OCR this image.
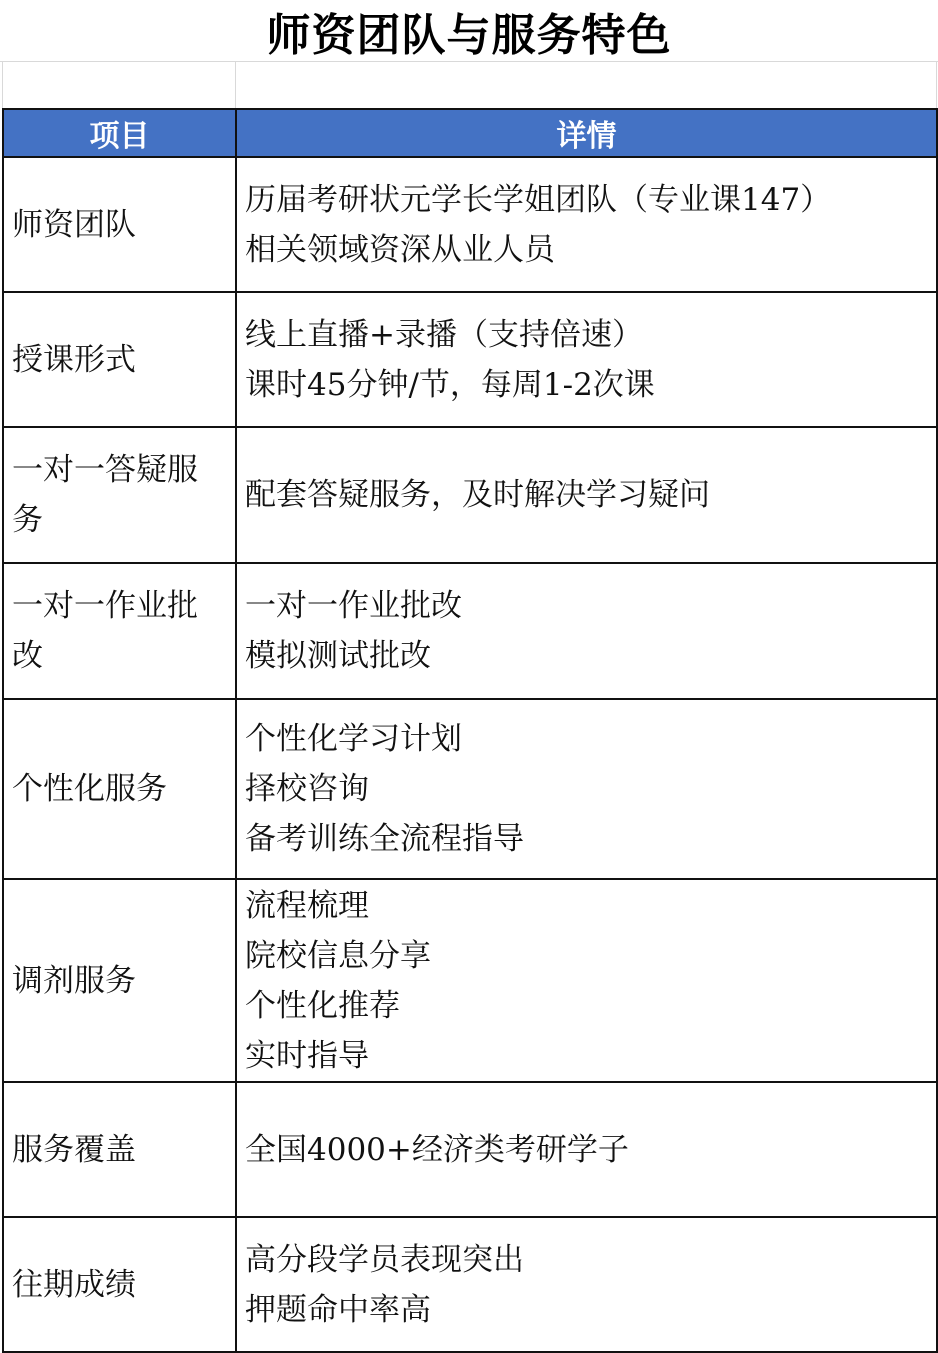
师资团队与服务特色
项目	详情
师资团队	历届考研状元学长学姐团队（专业课147）
相关领域资深从业人员

授课形式	线上直播+录播（支持倍速）
课时45分钟/节，每周1-2次课

一对一答疑服务	配套答疑服务，及时解决学习疑问

一对一作业批改	一对一作业批改
模拟测试批改

个性化服务	个性化学习计划
择校咨询
备考训练全流程指导

调剂服务	流程梳理
院校信息分享
个性化推荐
实时指导

服务覆盖	全国4000+经济类考研学子

往期成绩	高分段学员表现突出
押题命中率高
